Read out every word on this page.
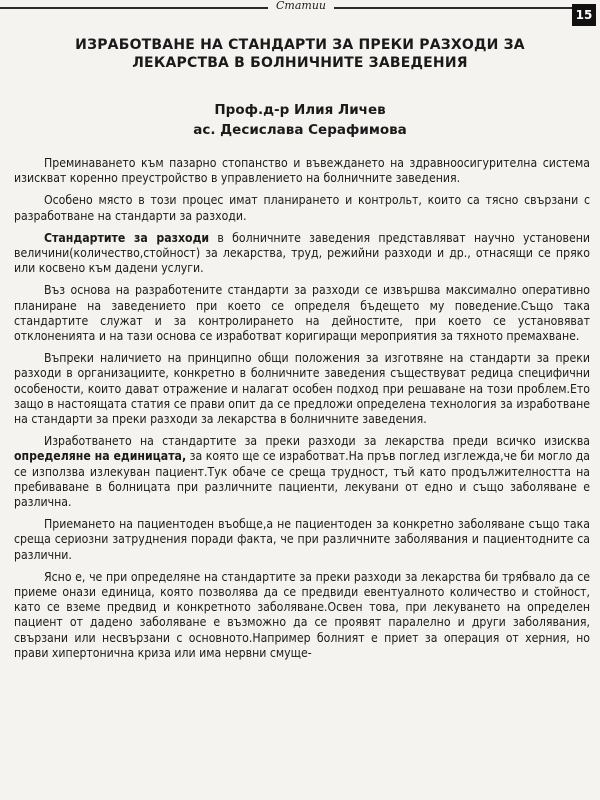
Статии
15
ИЗРАБОТВАНЕ НА СТАНДАРТИ ЗА ПРЕКИ РАЗХОДИ ЗА
ЛЕКАРСТВА В БОЛНИЧНИТЕ ЗАВЕДЕНИЯ
Проф.д-р Илия Личев
ас. Десислава Серафимова

Преминаването към пазарно стопанство и въвеждането на здравноосигурителна система изискват коренно преустройство в управлението на болничните заведения.

Особено място в този процес имат планирането и контрольт, които са тясно свързани с разработване на стандарти за разходи.

Стандартите за разходи в болничните заведения представляват научно установени величини(количество,стойност) за лекарства, труд, режийни разходи и др., отнасящи се пряко или косвено към дадени услуги.

Въз основа на разработените стандарти за разходи се извършва максимално оперативно планиране на заведението при което се определя бъдещето му поведение.Също така стандартите служат и за контролирането на дейностите, при което се установяват отклоненията и на тази основа се изработват коригиращи мероприятия за тяхното премахване.

Въпреки наличието на принципно общи положения за изготвяне на стандарти за преки разходи в организациите, конкретно в болничните заведения съществуват редица специфични особености, които дават отражение и налагат особен подход при решаване на този проблем.Ето защо в настоящата статия се прави опит да се предложи определена технология за изработване на стандарти за преки разходи за лекарства в болничните заведения.

Изработването на стандартите за преки разходи за лекарства преди всичко изисква определяне на единицата, за която ще се изработват.На пръв поглед изглежда,че би могло да се използва излекуван пациент.Тук обаче се среща трудност, тъй като продължителността на пребиваване в болницата при различните пациенти, лекувани от едно и също заболяване е различна.

Приемането на пациентоден въобще,а не пациентоден за конкретно заболяване също така среща сериозни затруднения поради факта, че при различните заболявания и пациентодните са различни.

Ясно е, че при определяне на стандартите за преки разходи за лекарства би трябвало да се приеме онази единица, която позволява да се предвиди евентуалното количество и стойност, като се вземе предвид и конкретното заболяване.Освен това, при лекуването на определен пациент от дадено заболяване е възможно да се проявят паралелно и други заболявания, свързани или несвързани с основното.Например болният е приет за операция от херния, но прави хипертонична криза или има нервни смуще-
